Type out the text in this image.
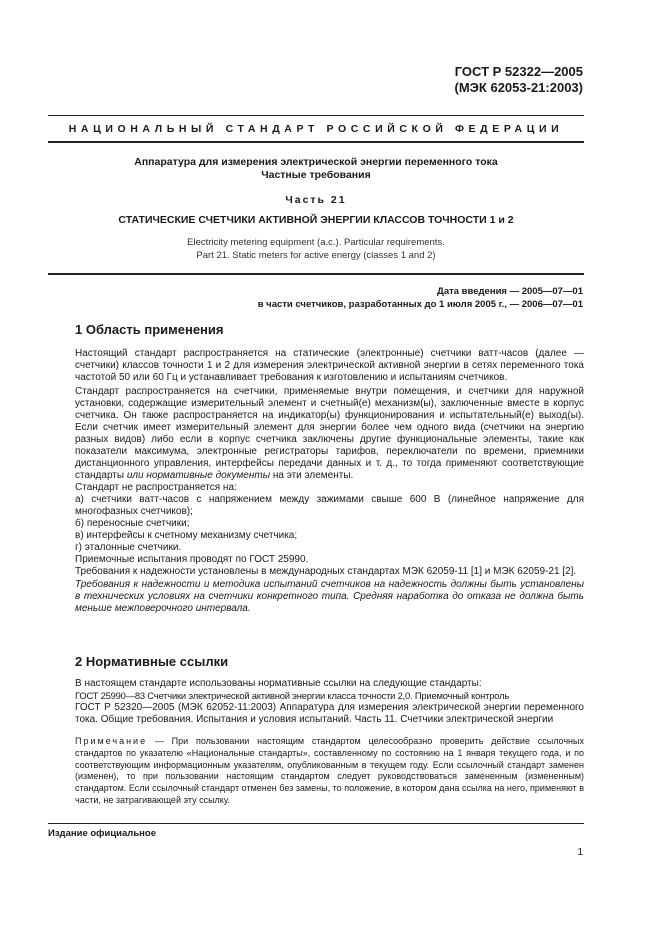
ГОСТ Р 52322—2005
(МЭК 62053-21:2003)
НАЦИОНАЛЬНЫЙ СТАНДАРТ РОССИЙСКОЙ ФЕДЕРАЦИИ
Аппаратура для измерения электрической энергии переменного тока
Частные требования
Часть 21
СТАТИЧЕСКИЕ СЧЕТЧИКИ АКТИВНОЙ ЭНЕРГИИ КЛАССОВ ТОЧНОСТИ 1 и 2
Electricity metering equipment (a.c.). Particular requirements.
Part 21. Static meters for active energy (classes 1 and 2)
Дата введения — 2005—07—01
в части счетчиков, разработанных до 1 июля 2005 г., — 2006—07—01
1 Область применения
Настоящий стандарт распространяется на статические (электронные) счетчики ватт-часов (далее — счетчики) классов точности 1 и 2 для измерения электрической активной энергии в сетях переменного тока частотой 50 или 60 Гц и устанавливает требования к изготовлению и испытаниям счетчиков.
Стандарт распространяется на счетчики, применяемые внутри помещения, и счетчики для наружной установки, содержащие измерительный элемент и счетный(е) механизм(ы), заключенные вместе в корпус счетчика. Он также распространяется на индикатор(ы) функционирования и испытательный(е) выход(ы). Если счетчик имеет измерительный элемент для энергии более чем одного вида (счетчики на энергию разных видов) либо если в корпус счетчика заключены другие функциональные элементы, такие как показатели максимума, электронные регистраторы тарифов, переключатели по времени, приемники дистанционного управления, интерфейсы передачи данных и т. д., то тогда применяют соответствующие стандарты или нормативные документы на эти элементы.
Стандарт не распространяется на:
а) счетчики ватт-часов с напряжением между зажимами свыше 600 В (линейное напряжение для многофазных счетчиков);
б) переносные счетчики;
в) интерфейсы к счетному механизму счетчика;
г) эталонные счетчики.
Приемочные испытания проводят по ГОСТ 25990.
Требования к надежности установлены в международных стандартах МЭК 62059-11 [1] и МЭК 62059-21 [2].
Требования к надежности и методика испытаний счетчиков на надежность должны быть установлены в технических условиях на счетчики конкретного типа. Средняя наработка до отказа не должна быть меньше межповерочного интервала.
2 Нормативные ссылки
В настоящем стандарте использованы нормативные ссылки на следующие стандарты:
ГОСТ 25990—83 Счетчики электрической активной энергии класса точности 2,0. Приемочный контроль
ГОСТ Р 52320—2005 (МЭК 62052-11:2003) Аппаратура для измерения электрической энергии переменного тока. Общие требования. Испытания и условия испытаний. Часть 11. Счетчики электрической энергии
Примечание — При пользовании настоящим стандартом целесообразно проверить действие ссылочных стандартов по указателю «Национальные стандарты», составленному по состоянию на 1 января текущего года, и по соответствующим информационным указателям, опубликованным в текущем году. Если ссылочный стандарт заменен (изменен), то при пользовании настоящим стандартом следует руководствоваться замененным (измененным) стандартом. Если ссылочный стандарт отменен без замены, то положение, в котором дана ссылка на него, применяют в части, не затрагивающей эту ссылку.
Издание официальное
1
